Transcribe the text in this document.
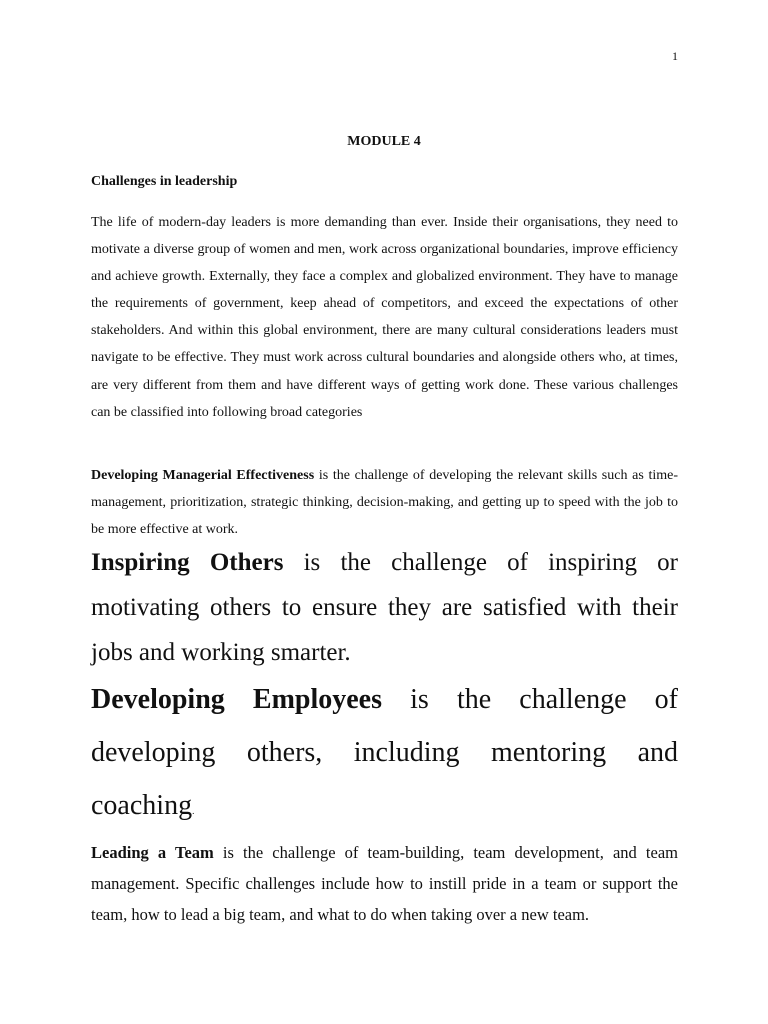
1
MODULE 4
Challenges in leadership

The life of modern-day leaders is more demanding than ever. Inside their organisations, they need to motivate a diverse group of women and men, work across organizational boundaries, improve efficiency and achieve growth. Externally, they face a complex and globalized environment. They have to manage the requirements of government, keep ahead of competitors, and exceed the expectations of other stakeholders. And within this global environment, there are many cultural considerations leaders must navigate to be effective. They must work across cultural boundaries and alongside others who, at times, are very different from them and have different ways of getting work done. These various challenges can be classified into following broad categories

Developing Managerial Effectiveness is the challenge of developing the relevant skills such as time-management, prioritization, strategic thinking, decision-making, and getting up to speed with the job to be more effective at work.

Inspiring Others is the challenge of inspiring or motivating others to ensure they are satisfied with their jobs and working smarter.

Developing Employees is the challenge of developing others, including mentoring and coaching.

Leading a Team is the challenge of team-building, team development, and team management. Specific challenges include how to instill pride in a team or support the team, how to lead a big team, and what to do when taking over a new team.
